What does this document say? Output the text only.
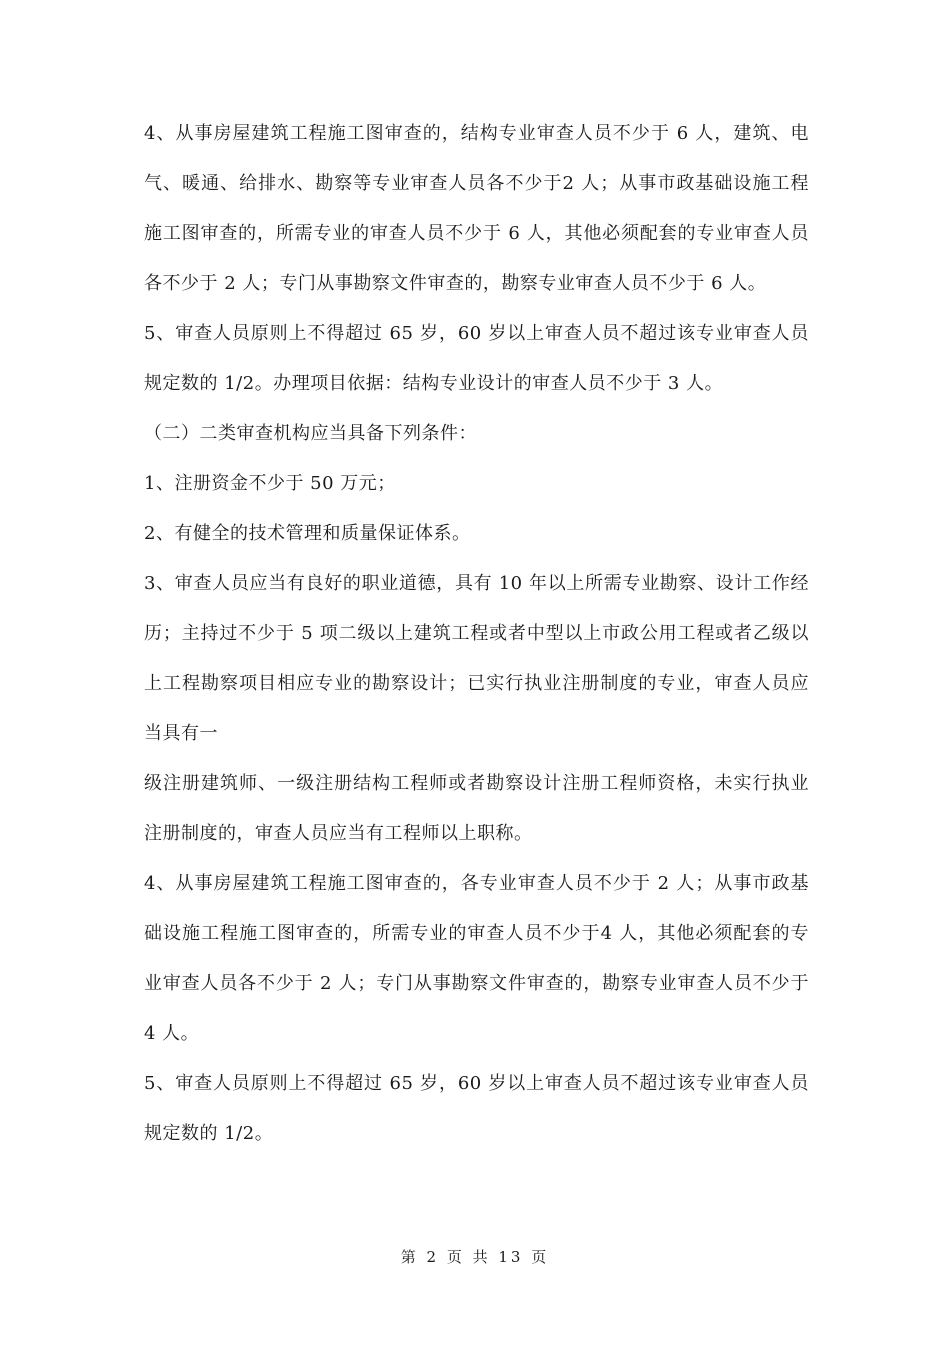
4、从事房屋建筑工程施工图审查的，结构专业审查人员不少于 6 人，建筑、电气、暖通、给排水、勘察等专业审查人员各不少于2 人；从事市政基础设施工程施工图审查的，所需专业的审查人员不少于 6 人，其他必须配套的专业审查人员各不少于 2 人；专门从事勘察文件审查的，勘察专业审查人员不少于 6 人。

5、审查人员原则上不得超过 65 岁，60 岁以上审查人员不超过该专业审查人员规定数的 1/2。办理项目依据：结构专业设计的审查人员不少于 3 人。

（二）二类审查机构应当具备下列条件：

1、注册资金不少于 50 万元；

2、有健全的技术管理和质量保证体系。

3、审查人员应当有良好的职业道德，具有 10 年以上所需专业勘察、设计工作经历；主持过不少于 5 项二级以上建筑工程或者中型以上市政公用工程或者乙级以上工程勘察项目相应专业的勘察设计；已实行执业注册制度的专业，审查人员应当具有一

级注册建筑师、一级注册结构工程师或者勘察设计注册工程师资格，未实行执业注册制度的，审查人员应当有工程师以上职称。

4、从事房屋建筑工程施工图审查的，各专业审查人员不少于 2 人；从事市政基础设施工程施工图审查的，所需专业的审查人员不少于4 人，其他必须配套的专业审查人员各不少于 2 人；专门从事勘察文件审查的，勘察专业审查人员不少于4 人。

5、审查人员原则上不得超过 65 岁，60 岁以上审查人员不超过该专业审查人员规定数的 1/2。

第 2 页 共 13 页
